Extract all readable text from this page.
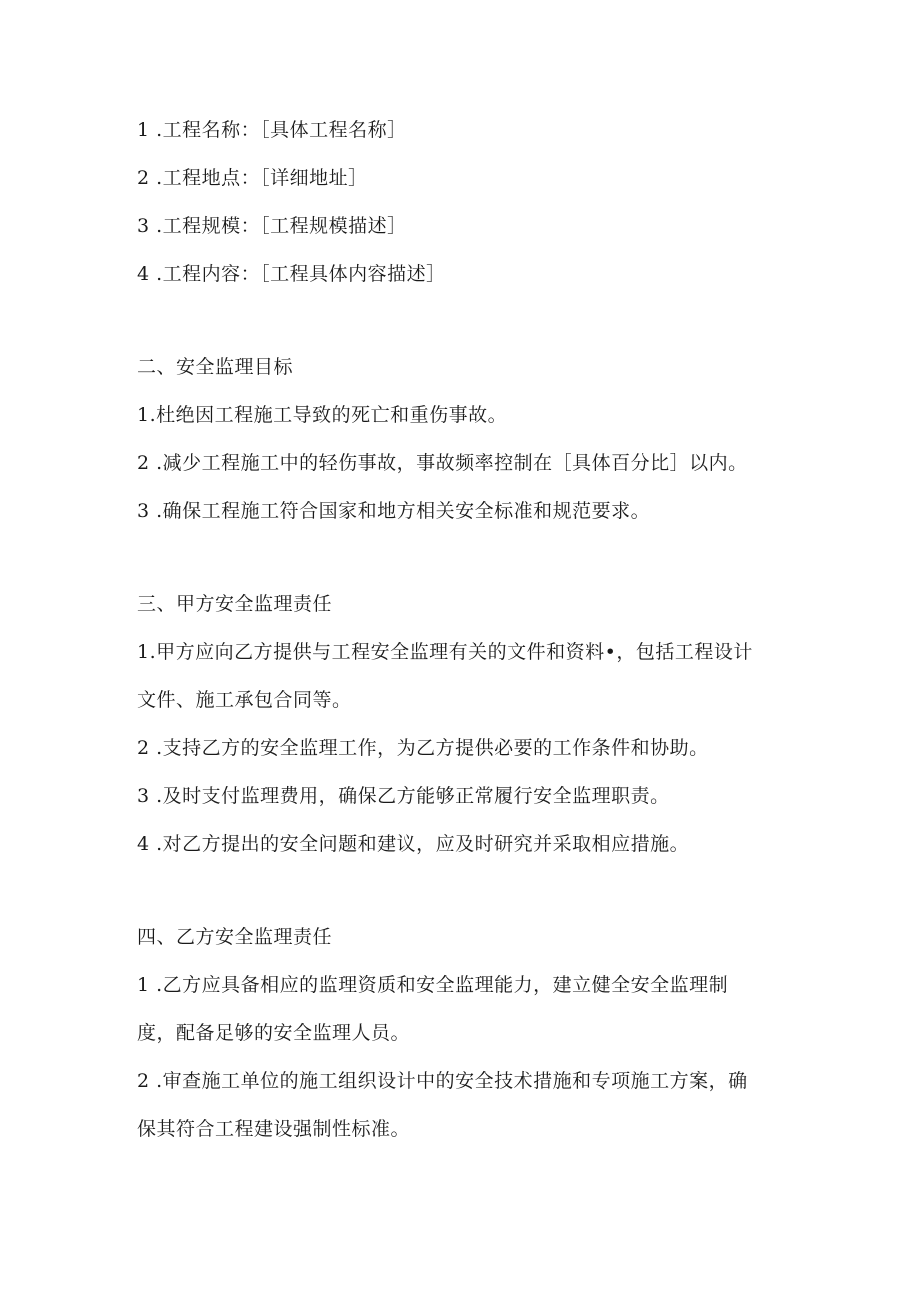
1 .工程名称：［具体工程名称］
2 .工程地点：［详细地址］
3 .工程规模：［工程规模描述］
4 .工程内容：［工程具体内容描述］
二、安全监理目标
1.杜绝因工程施工导致的死亡和重伤事故。
2 .减少工程施工中的轻伤事故，事故频率控制在［具体百分比］以内。
3 .确保工程施工符合国家和地方相关安全标准和规范要求。
三、甲方安全监理责任
1.甲方应向乙方提供与工程安全监理有关的文件和资料•，包括工程设计
文件、施工承包合同等。
2 .支持乙方的安全监理工作，为乙方提供必要的工作条件和协助。
3 .及时支付监理费用，确保乙方能够正常履行安全监理职责。
4 .对乙方提出的安全问题和建议，应及时研究并采取相应措施。
四、乙方安全监理责任
1 .乙方应具备相应的监理资质和安全监理能力，建立健全安全监理制
度，配备足够的安全监理人员。
2 .审查施工单位的施工组织设计中的安全技术措施和专项施工方案，确
保其符合工程建设强制性标准。
